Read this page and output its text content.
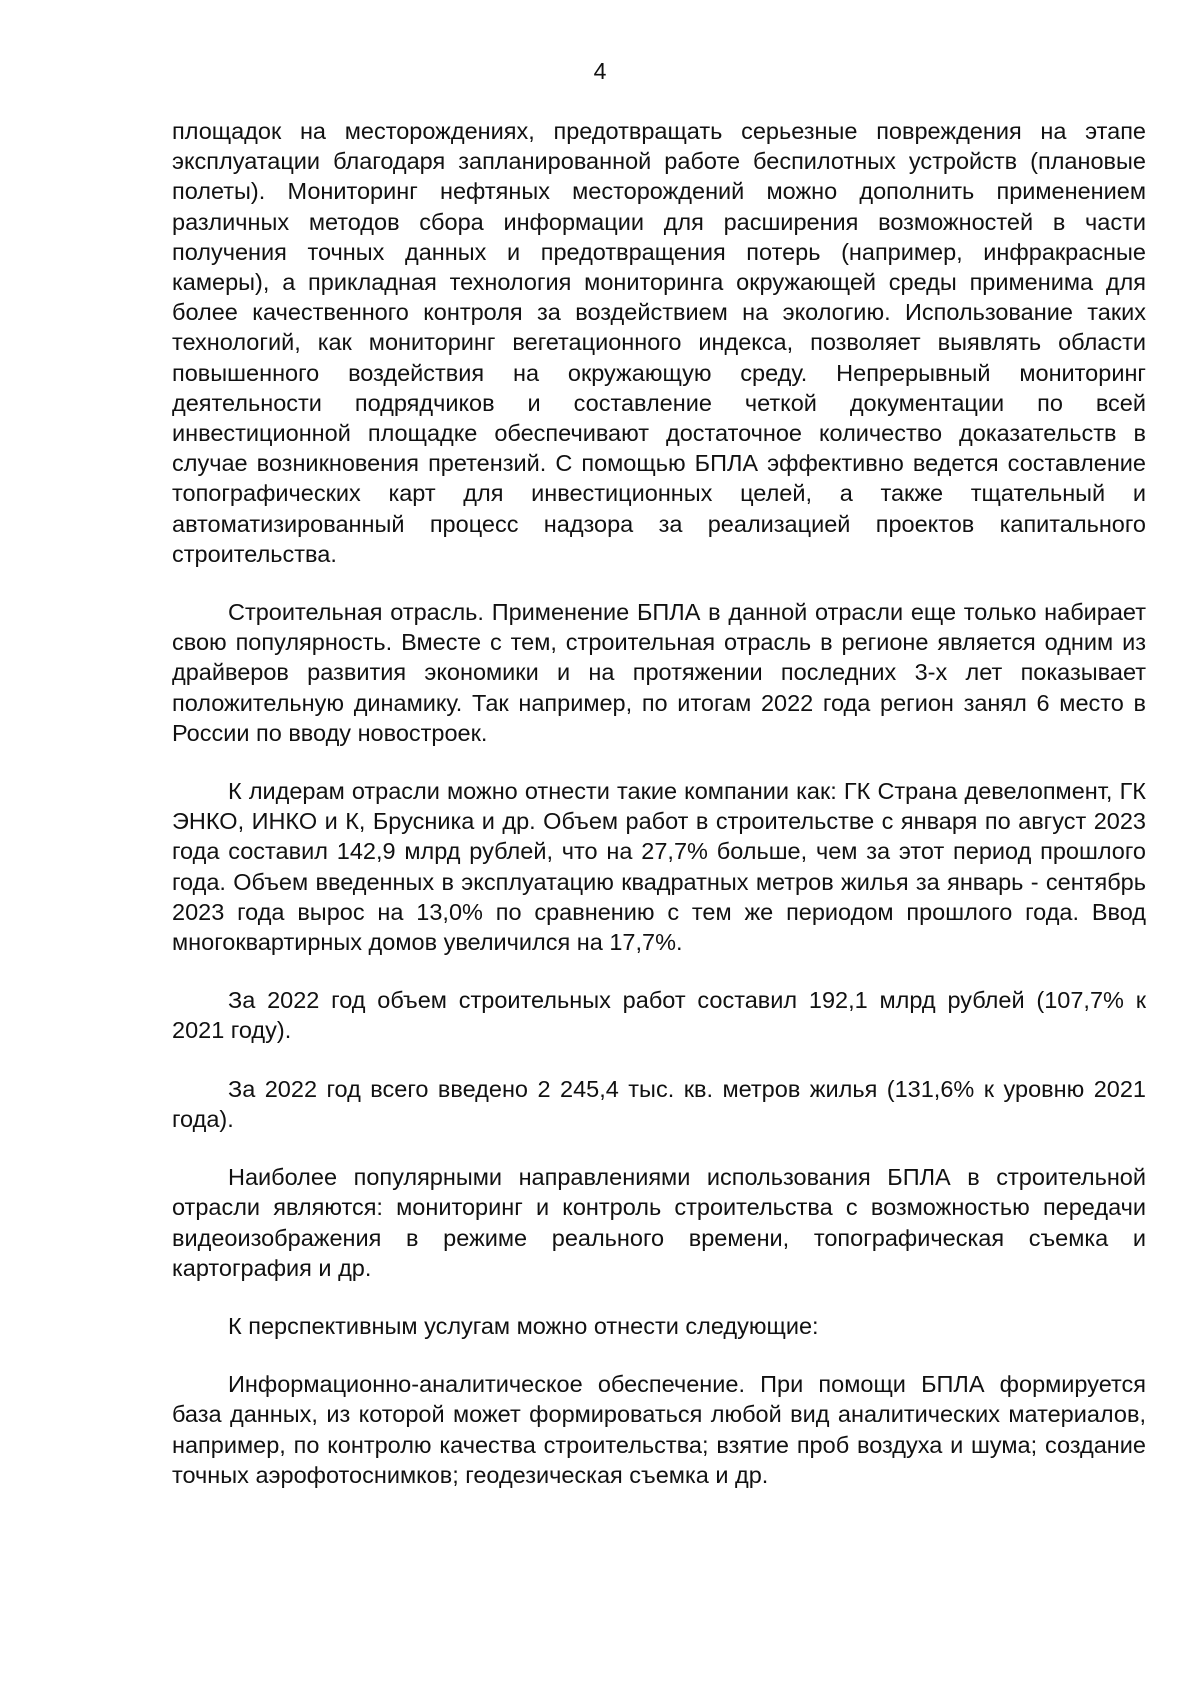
4

площадок на месторождениях, предотвращать серьезные повреждения на этапе эксплуатации благодаря запланированной работе беспилотных устройств (плановые полеты). Мониторинг нефтяных месторождений можно дополнить применением различных методов сбора информации для расширения возможностей в части получения точных данных и предотвращения потерь (например, инфракрасные камеры), а прикладная технология мониторинга окружающей среды применима для более качественного контроля за воздействием на экологию. Использование таких технологий, как мониторинг вегетационного индекса, позволяет выявлять области повышенного воздействия на окружающую среду. Непрерывный мониторинг деятельности подрядчиков и составление четкой документации по всей инвестиционной площадке обеспечивают достаточное количество доказательств в случае возникновения претензий. С помощью БПЛА эффективно ведется составление топографических карт для инвестиционных целей, а также тщательный и автоматизированный процесс надзора за реализацией проектов капитального строительства.

Строительная отрасль. Применение БПЛА в данной отрасли еще только набирает свою популярность. Вместе с тем, строительная отрасль в регионе является одним из драйверов развития экономики и на протяжении последних 3-х лет показывает положительную динамику. Так например, по итогам 2022 года регион занял 6 место в России по вводу новостроек.

К лидерам отрасли можно отнести такие компании как: ГК Страна девелопмент, ГК ЭНКО, ИНКО и К, Брусника и др. Объем работ в строительстве с января по август 2023 года составил 142,9 млрд рублей, что на 27,7% больше, чем за этот период прошлого года. Объем введенных в эксплуатацию квадратных метров жилья за январь - сентябрь 2023 года вырос на 13,0% по сравнению с тем же периодом прошлого года. Ввод многоквартирных домов увеличился на 17,7%.

За 2022 год объем строительных работ составил 192,1 млрд рублей (107,7% к 2021 году).

За 2022 год всего введено 2 245,4 тыс. кв. метров жилья (131,6% к уровню 2021 года).

Наиболее популярными направлениями использования БПЛА в строительной отрасли являются: мониторинг и контроль строительства с возможностью передачи видеоизображения в режиме реального времени, топографическая съемка и картография и др.

К перспективным услугам можно отнести следующие:

Информационно-аналитическое обеспечение. При помощи БПЛА формируется база данных, из которой может формироваться любой вид аналитических материалов, например, по контролю качества строительства; взятие проб воздуха и шума; создание точных аэрофотоснимков; геодезическая съемка и др.
